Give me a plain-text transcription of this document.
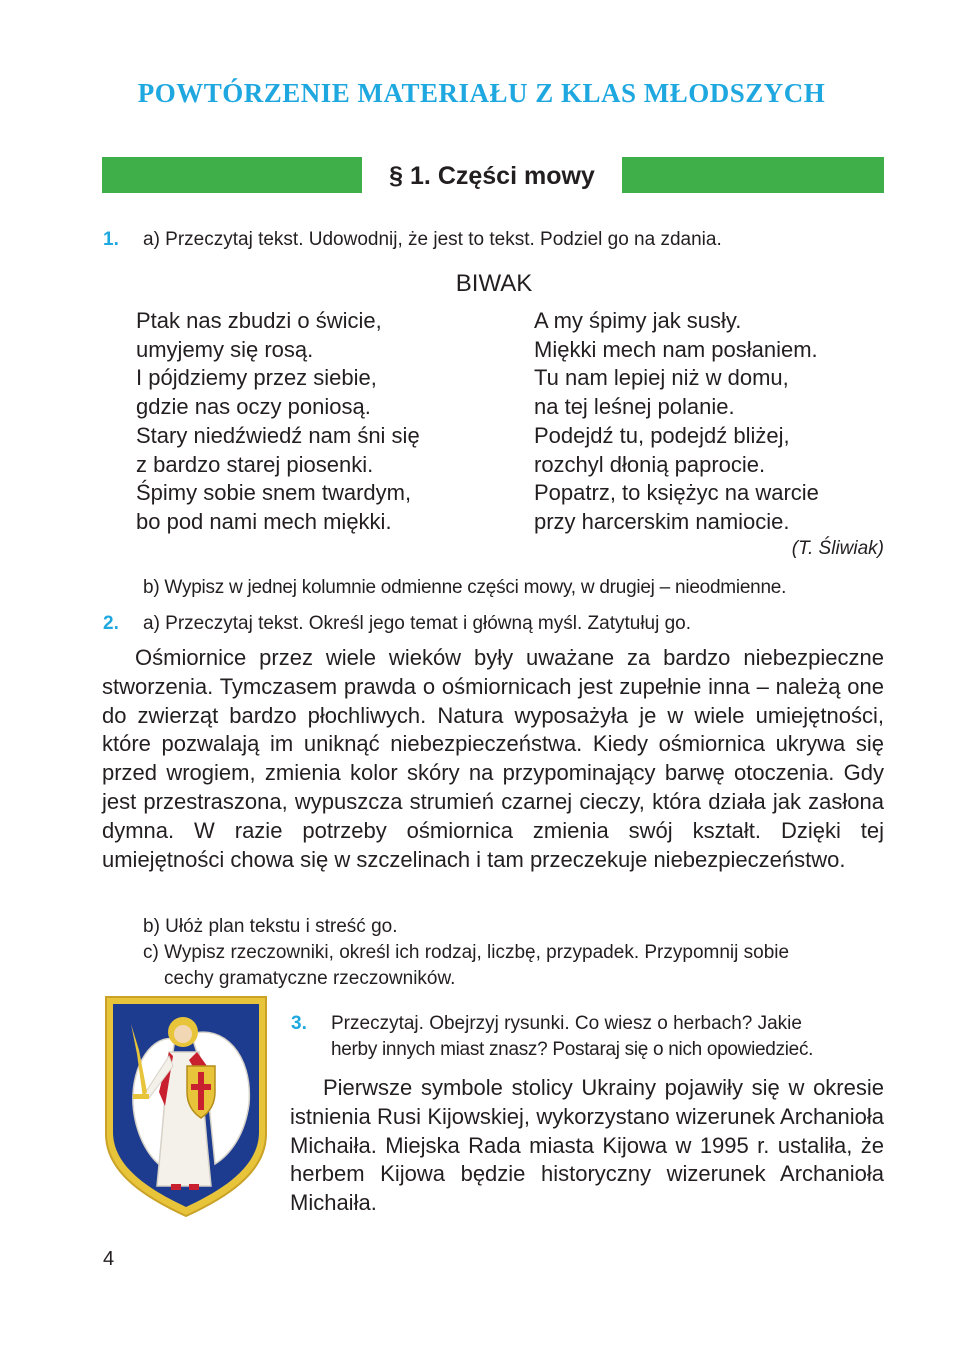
POWTÓRZENIE MATERIAŁU Z KLAS MŁODSZYCH
§ 1. Części mowy
1. a) Przeczytaj tekst. Udowodnij, że jest to tekst. Podziel go na zdania.
BIWAK
Ptak nas zbudzi o świcie,
umyjemy się rosą.
I pójdziemy przez siebie,
gdzie nas oczy poniosą.
Stary niedźwiedź nam śni się
z bardzo starej piosenki.
Śpimy sobie snem twardym,
bo pod nami mech miękki.
A my śpimy jak susły.
Miękki mech nam posłaniem.
Tu nam lepiej niż w domu,
na tej leśnej polanie.
Podejdź tu, podejdź bliżej,
rozchyl dłonią paprocie.
Popatrz, to księżyc na warcie
przy harcerskim namiocie.
(T. Śliwiak)
b) Wypisz w jednej kolumnie odmienne części mowy, w drugiej – nieodmienne.
2. a) Przeczytaj tekst. Określ jego temat i główną myśl. Zatytułuj go.

Ośmiornice przez wiele wieków były uważane za bardzo niebezpieczne stworzenia. Tymczasem prawda o ośmiornicach jest zupełnie inna – należą one do zwierząt bardzo płochliwych. Natura wyposażyła je w wiele umiejętności, które pozwalają im uniknąć niebezpieczeństwa. Kiedy ośmiornica ukrywa się przed wrogiem, zmienia kolor skóry na przypominający barwę otoczenia. Gdy jest przestraszona, wypuszcza strumień czarnej cieczy, która działa jak zasłona dymna. W razie potrzeby ośmiornica zmienia swój kształt. Dzięki tej umiejętności chowa się w szczelinach i tam przeczekuje niebezpieczeństwo.

b) Ułóż plan tekstu i streść go.
c) Wypisz rzeczowniki, określ ich rodzaj, liczbę, przypadek. Przypomnij sobie
cechy gramatyczne rzeczowników.
3. Przeczytaj. Obejrzyj rysunki. Co wiesz o herbach? Jakie
herby innych miast znasz? Postaraj się o nich opowiedzieć.

Pierwsze symbole stolicy Ukrainy pojawiły się w okresie istnienia Rusi Kijowskiej, wykorzystano wizerunek Archanioła Michaiła. Miejska Rada miasta Kijowa w 1995 r. ustaliła, że herbem Kijowa będzie historyczny wizerunek Archanioła Michaiła.

4
